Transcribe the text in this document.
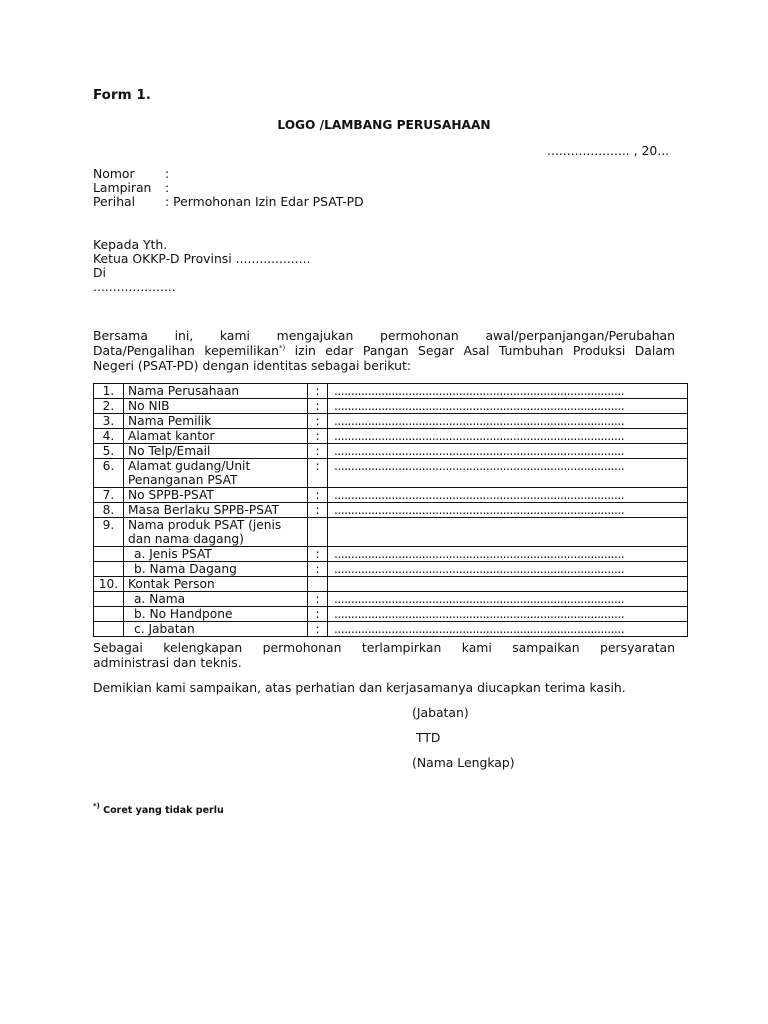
Form 1.
LOGO /LAMBANG PERUSAHAAN
..................... , 20...
Nomor :
Lampiran :
Perihal : Permohonan Izin Edar PSAT-PD
Kepada Yth.
Ketua OKKP-D Provinsi ...................
Di
.....................
Bersama ini, kami mengajukan permohonan awal/perpanjangan/Perubahan
Data/Pengalihan kepemilikan*) izin edar Pangan Segar Asal Tumbuhan Produksi Dalam
Negeri (PSAT-PD) dengan identitas sebagai berikut:
1.	Nama Perusahaan	:	......................................................................................
2.	No NIB	:	......................................................................................
3.	Nama Pemilik	:	......................................................................................
4.	Alamat kantor	:	......................................................................................
5.	No Telp/Email	:	......................................................................................
6.	Alamat gudang/Unit Penanganan PSAT	:	......................................................................................
7.	No SPPB-PSAT	:	......................................................................................
8.	Masa Berlaku SPPB-PSAT	:	......................................................................................
9.	Nama produk PSAT (jenis dan nama dagang)		
	a. Jenis PSAT	:	......................................................................................
	b. Nama Dagang	:	......................................................................................
10.	Kontak Person		
	a. Nama	:	......................................................................................
	b. No Handpone	:	......................................................................................
	c. Jabatan	:	......................................................................................
Sebagai kelengkapan permohonan terlampirkan kami sampaikan persyaratan
administrasi dan teknis.
Demikian kami sampaikan, atas perhatian dan kerjasamanya diucapkan terima kasih.
(Jabatan)
TTD
(Nama Lengkap)
*) Coret yang tidak perlu
